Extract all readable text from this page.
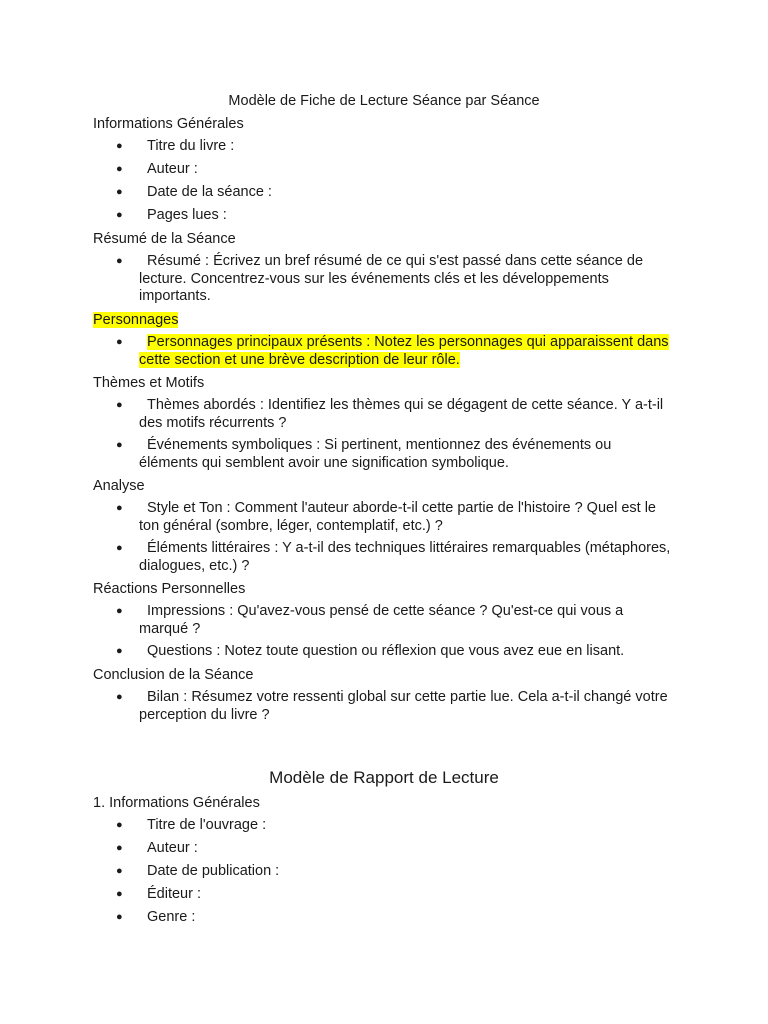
Modèle de Fiche de Lecture Séance par Séance
Informations Générales
●	Titre du livre :
●	Auteur :
●	Date de la séance :
●	Pages lues :
Résumé de la Séance
●	Résumé : Écrivez un bref résumé de ce qui s'est passé dans cette séance de lecture. Concentrez-vous sur les événements clés et les développements importants.
Personnages
●	Personnages principaux présents : Notez les personnages qui apparaissent dans cette section et une brève description de leur rôle.
Thèmes et Motifs
●	Thèmes abordés : Identifiez les thèmes qui se dégagent de cette séance. Y a-t-il des motifs récurrents ?
●	Événements symboliques : Si pertinent, mentionnez des événements ou éléments qui semblent avoir une signification symbolique.
Analyse
●	Style et Ton : Comment l'auteur aborde-t-il cette partie de l'histoire ? Quel est le ton général (sombre, léger, contemplatif, etc.) ?
●	Éléments littéraires : Y a-t-il des techniques littéraires remarquables (métaphores, dialogues, etc.) ?
Réactions Personnelles
●	Impressions : Qu'avez-vous pensé de cette séance ? Qu'est-ce qui vous a marqué ?
●	Questions : Notez toute question ou réflexion que vous avez eue en lisant.
Conclusion de la Séance
●	Bilan : Résumez votre ressenti global sur cette partie lue. Cela a-t-il changé votre perception du livre ?
Modèle de Rapport de Lecture
1. Informations Générales
●	Titre de l'ouvrage :
●	Auteur :
●	Date de publication :
●	Éditeur :
●	Genre :
